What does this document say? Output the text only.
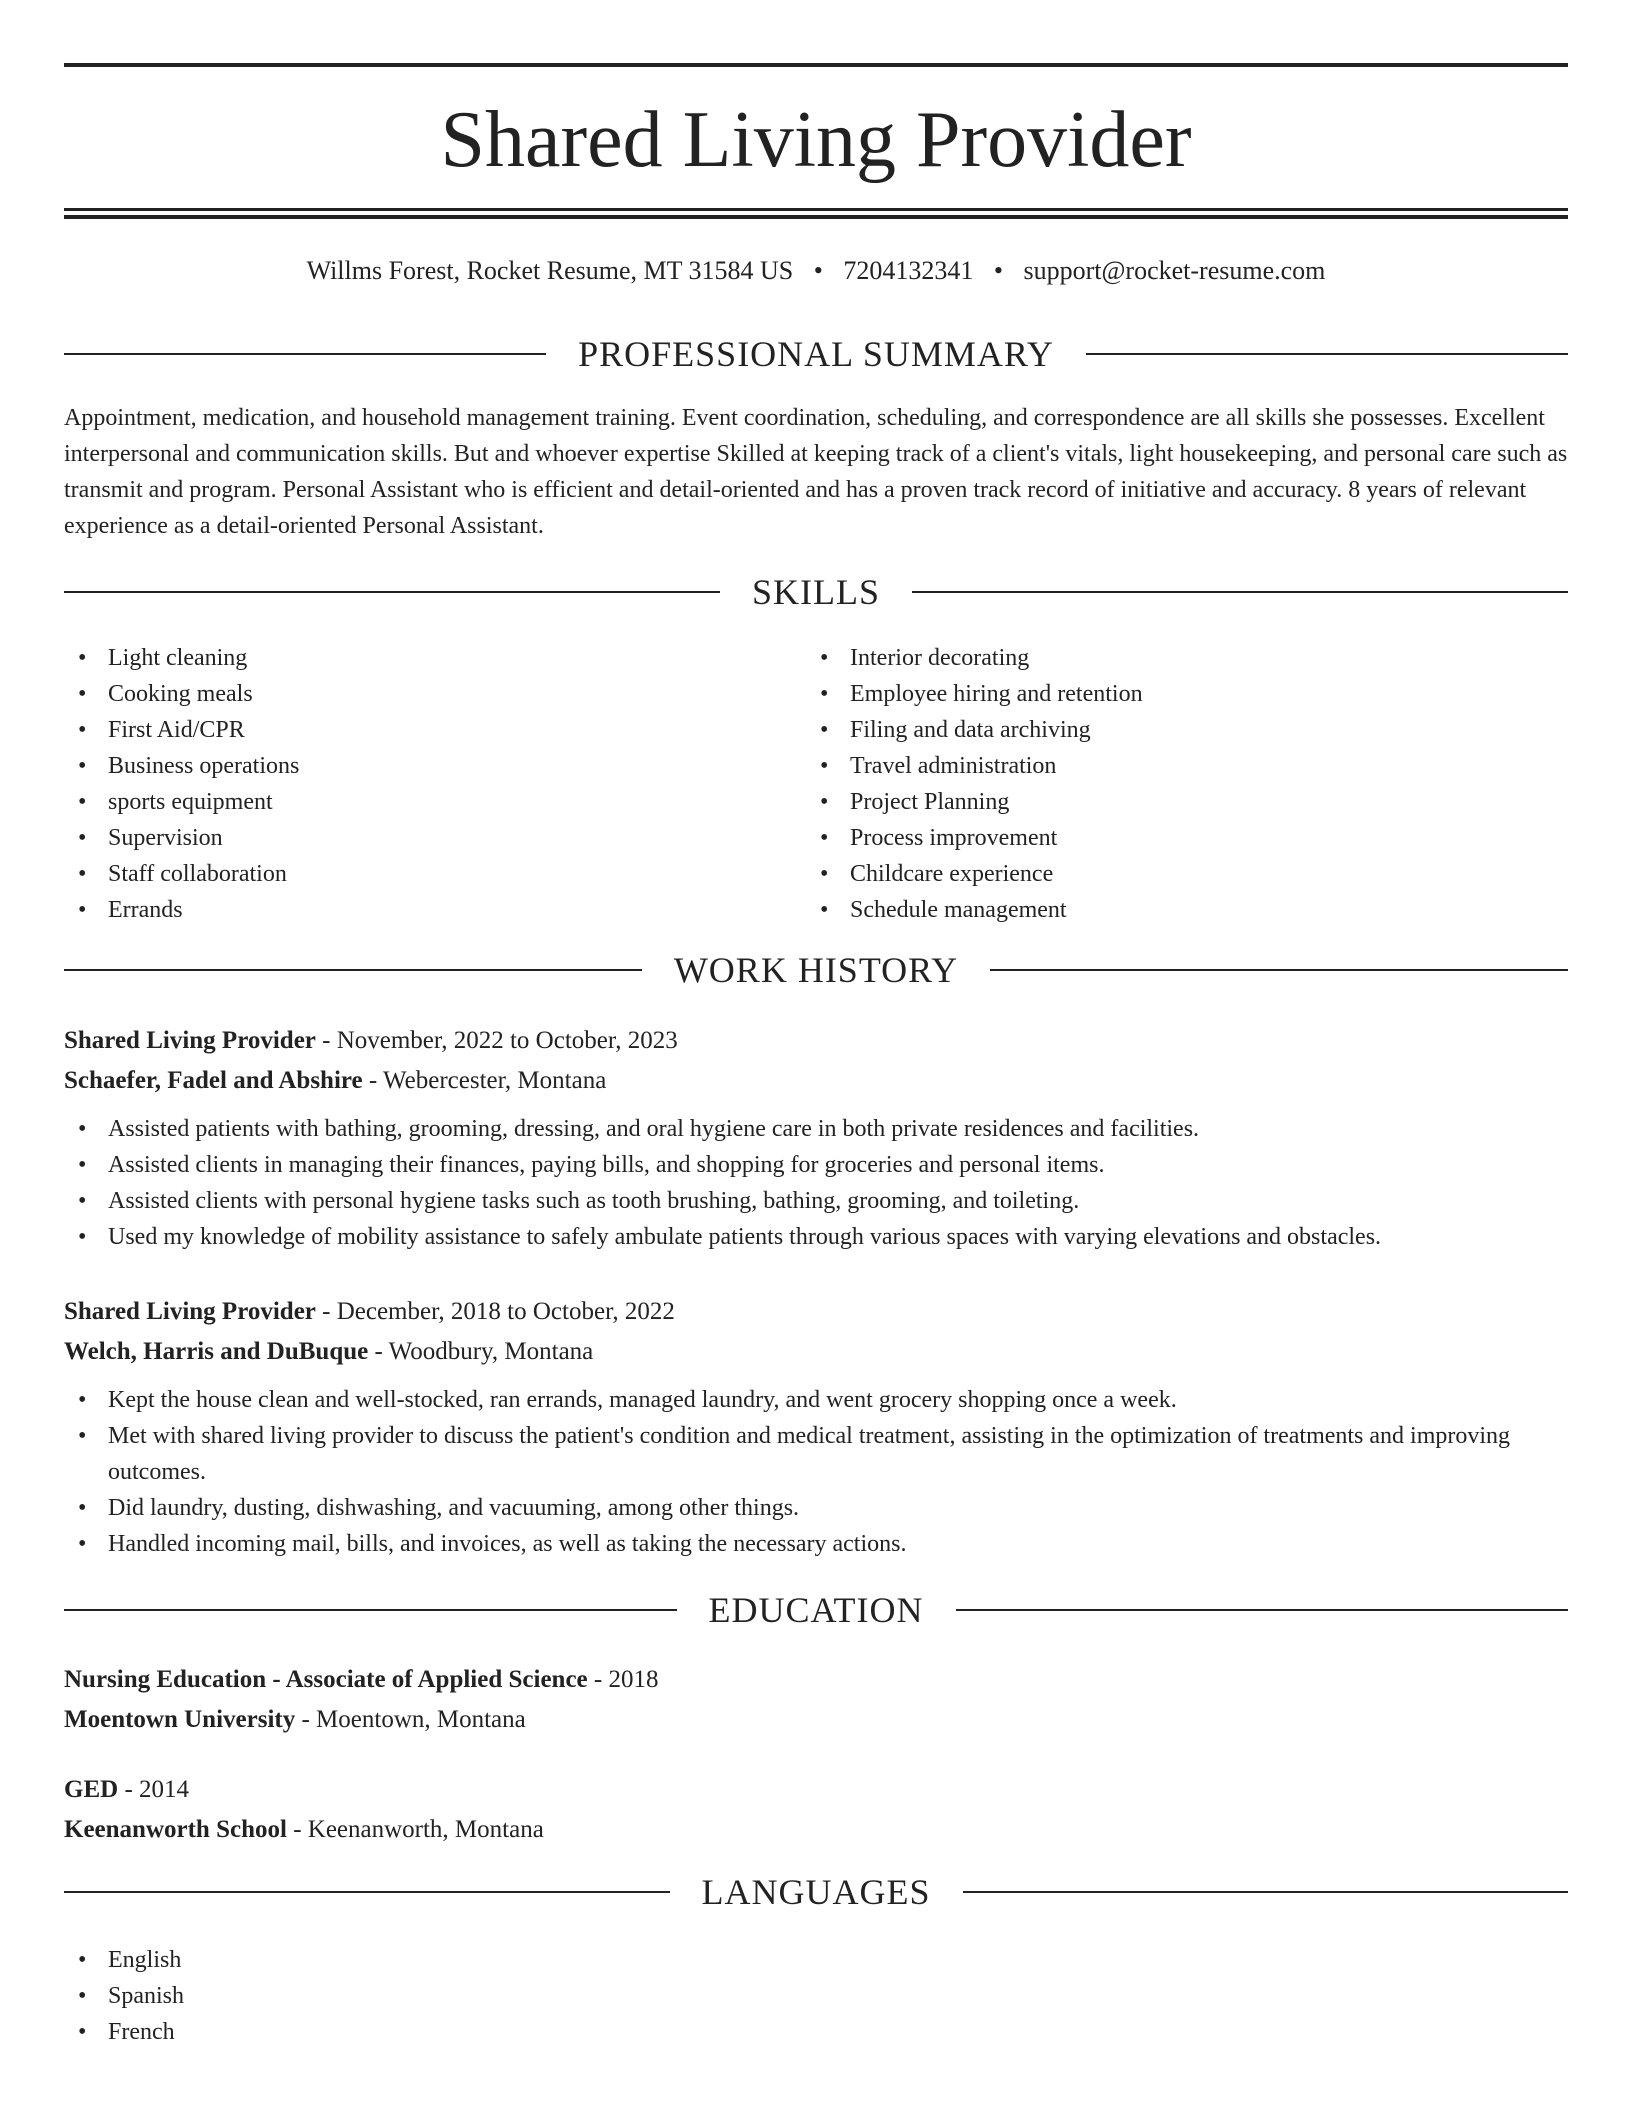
Shared Living Provider
Willms Forest, Rocket Resume, MT 31584 US • 7204132341 • support@rocket-resume.com
PROFESSIONAL SUMMARY

Appointment, medication, and household management training. Event coordination, scheduling, and correspondence are all skills she possesses. Excellent interpersonal and communication skills. But and whoever expertise Skilled at keeping track of a client's vitals, light housekeeping, and personal care such as transmit and program. Personal Assistant who is efficient and detail-oriented and has a proven track record of initiative and accuracy. 8 years of relevant experience as a detail-oriented Personal Assistant.

SKILLS
• Light cleaning
• Cooking meals
• First Aid/CPR
• Business operations
• sports equipment
• Supervision
• Staff collaboration
• Errands
• Interior decorating
• Employee hiring and retention
• Filing and data archiving
• Travel administration
• Project Planning
• Process improvement
• Childcare experience
• Schedule management
WORK HISTORY
Shared Living Provider - November, 2022 to October, 2023
Schaefer, Fadel and Abshire - Webercester, Montana
• Assisted patients with bathing, grooming, dressing, and oral hygiene care in both private residences and facilities.
• Assisted clients in managing their finances, paying bills, and shopping for groceries and personal items.
• Assisted clients with personal hygiene tasks such as tooth brushing, bathing, grooming, and toileting.
• Used my knowledge of mobility assistance to safely ambulate patients through various spaces with varying elevations and obstacles.
Shared Living Provider - December, 2018 to October, 2022
Welch, Harris and DuBuque - Woodbury, Montana
• Kept the house clean and well-stocked, ran errands, managed laundry, and went grocery shopping once a week.
• Met with shared living provider to discuss the patient's condition and medical treatment, assisting in the optimization of treatments and improving outcomes.
• Did laundry, dusting, dishwashing, and vacuuming, among other things.
• Handled incoming mail, bills, and invoices, as well as taking the necessary actions.
EDUCATION
Nursing Education - Associate of Applied Science - 2018
Moentown University - Moentown, Montana
GED - 2014
Keenanworth School - Keenanworth, Montana
LANGUAGES
• English
• Spanish
• French
